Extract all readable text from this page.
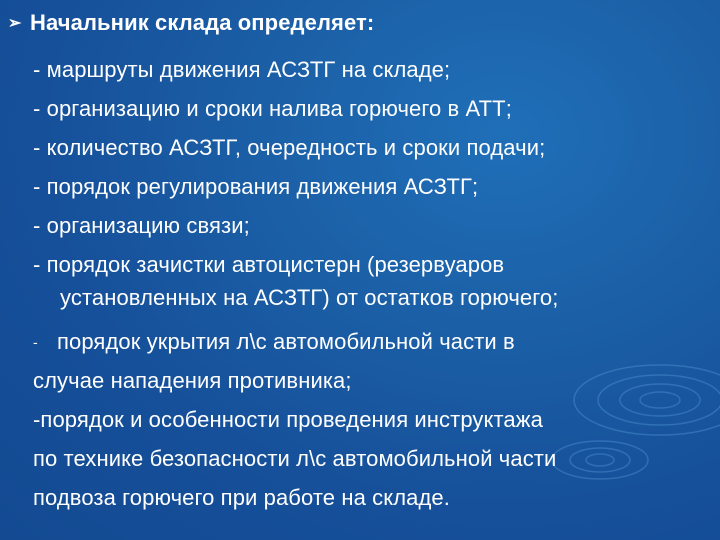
➢ Начальник склада определяет:
- маршруты движения АСЗТГ на складе;
- организацию и сроки налива горючего в АТТ;
- количество АСЗТГ, очередность и сроки подачи;
- порядок регулирования движения АСЗТГ;
- организацию связи;
- порядок зачистки автоцистерн (резервуаров
установленных на АСЗТГ) от остатков горючего;
- порядок укрытия л\с автомобильной части в
случае нападения противника;
-порядок и особенности проведения инструктажа
по технике безопасности л\с автомобильной части
подвоза горючего при работе на складе.
